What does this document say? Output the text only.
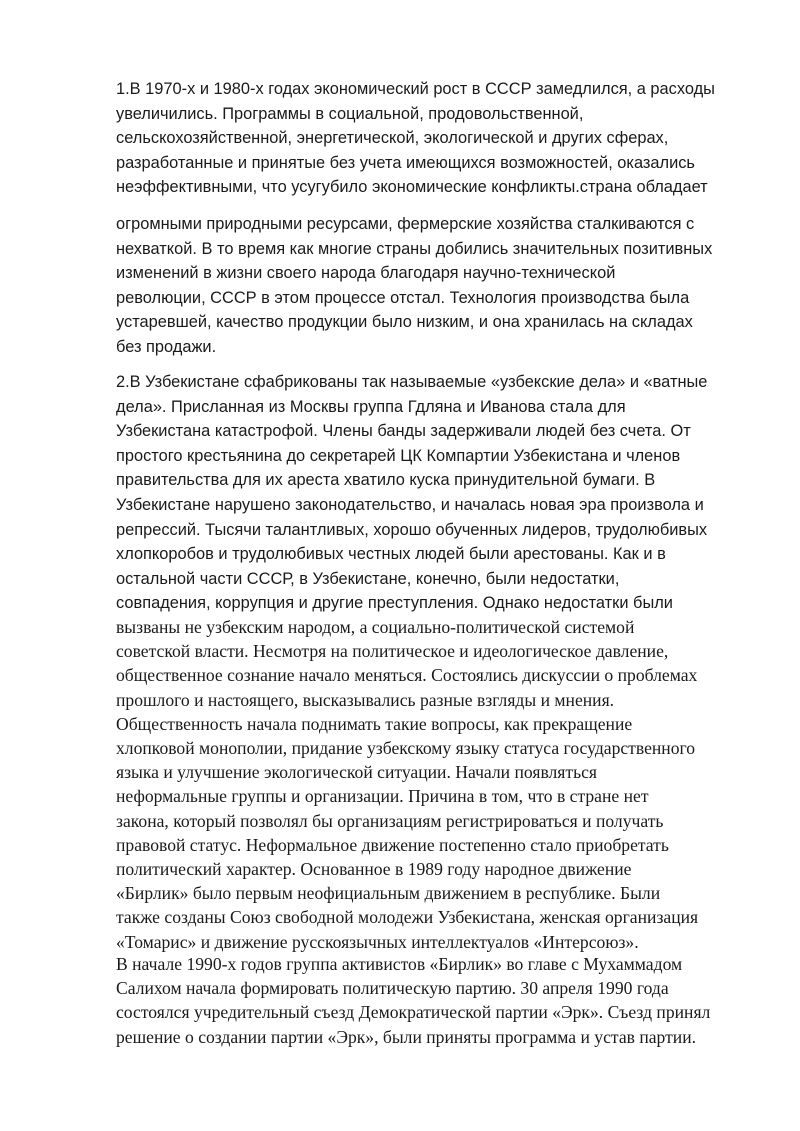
1.В 1970-х и 1980-х годах экономический рост в СССР замедлился, а расходы
увеличились. Программы в социальной, продовольственной,
сельскохозяйственной, энергетической, экологической и других сферах,
разработанные и принятые без учета имеющихся возможностей, оказались
неэффективными, что усугубило экономические конфликты.страна обладает

огромными природными ресурсами, фермерские хозяйства сталкиваются с
нехваткой. В то время как многие страны добились значительных позитивных
изменений в жизни своего народа благодаря научно-технической
революции, СССР в этом процессе отстал. Технология производства была
устаревшей, качество продукции было низким, и она хранилась на складах
без продажи.

2.В Узбекистане сфабрикованы так называемые «узбекские дела» и «ватные
дела». Присланная из Москвы группа Гдляна и Иванова стала для
Узбекистана катастрофой. Члены банды задерживали людей без счета. От
простого крестьянина до секретарей ЦК Компартии Узбекистана и членов
правительства для их ареста хватило куска принудительной бумаги. В
Узбекистане нарушено законодательство, и началась новая эра произвола и
репрессий. Тысячи талантливых, хорошо обученных лидеров, трудолюбивых
хлопкоробов и трудолюбивых честных людей были арестованы. Как и в
остальной части СССР, в Узбекистане, конечно, были недостатки,
совпадения, коррупция и другие преступления. Однако недостатки были

вызваны не узбекским народом, а социально-политической системой
советской власти. Несмотря на политическое и идеологическое давление,
общественное сознание начало меняться. Состоялись дискуссии о проблемах
прошлого и настоящего, высказывались разные взгляды и мнения.
Общественность начала поднимать такие вопросы, как прекращение
хлопковой монополии, придание узбекскому языку статуса государственного
языка и улучшение экологической ситуации. Начали появляться
неформальные группы и организации. Причина в том, что в стране нет
закона, который позволял бы организациям регистрироваться и получать
правовой статус. Неформальное движение постепенно стало приобретать
политический характер. Основанное в 1989 году народное движение
«Бирлик» было первым неофициальным движением в республике. Были
также созданы Союз свободной молодежи Узбекистана, женская организация
«Томарис» и движение русскоязычных интеллектуалов «Интерсоюз».

В начале 1990-х годов группа активистов «Бирлик» во главе с Мухаммадом
Салихом начала формировать политическую партию. 30 апреля 1990 года
состоялся учредительный съезд Демократической партии «Эрк». Съезд принял
решение о создании партии «Эрк», были приняты программа и устав партии.
